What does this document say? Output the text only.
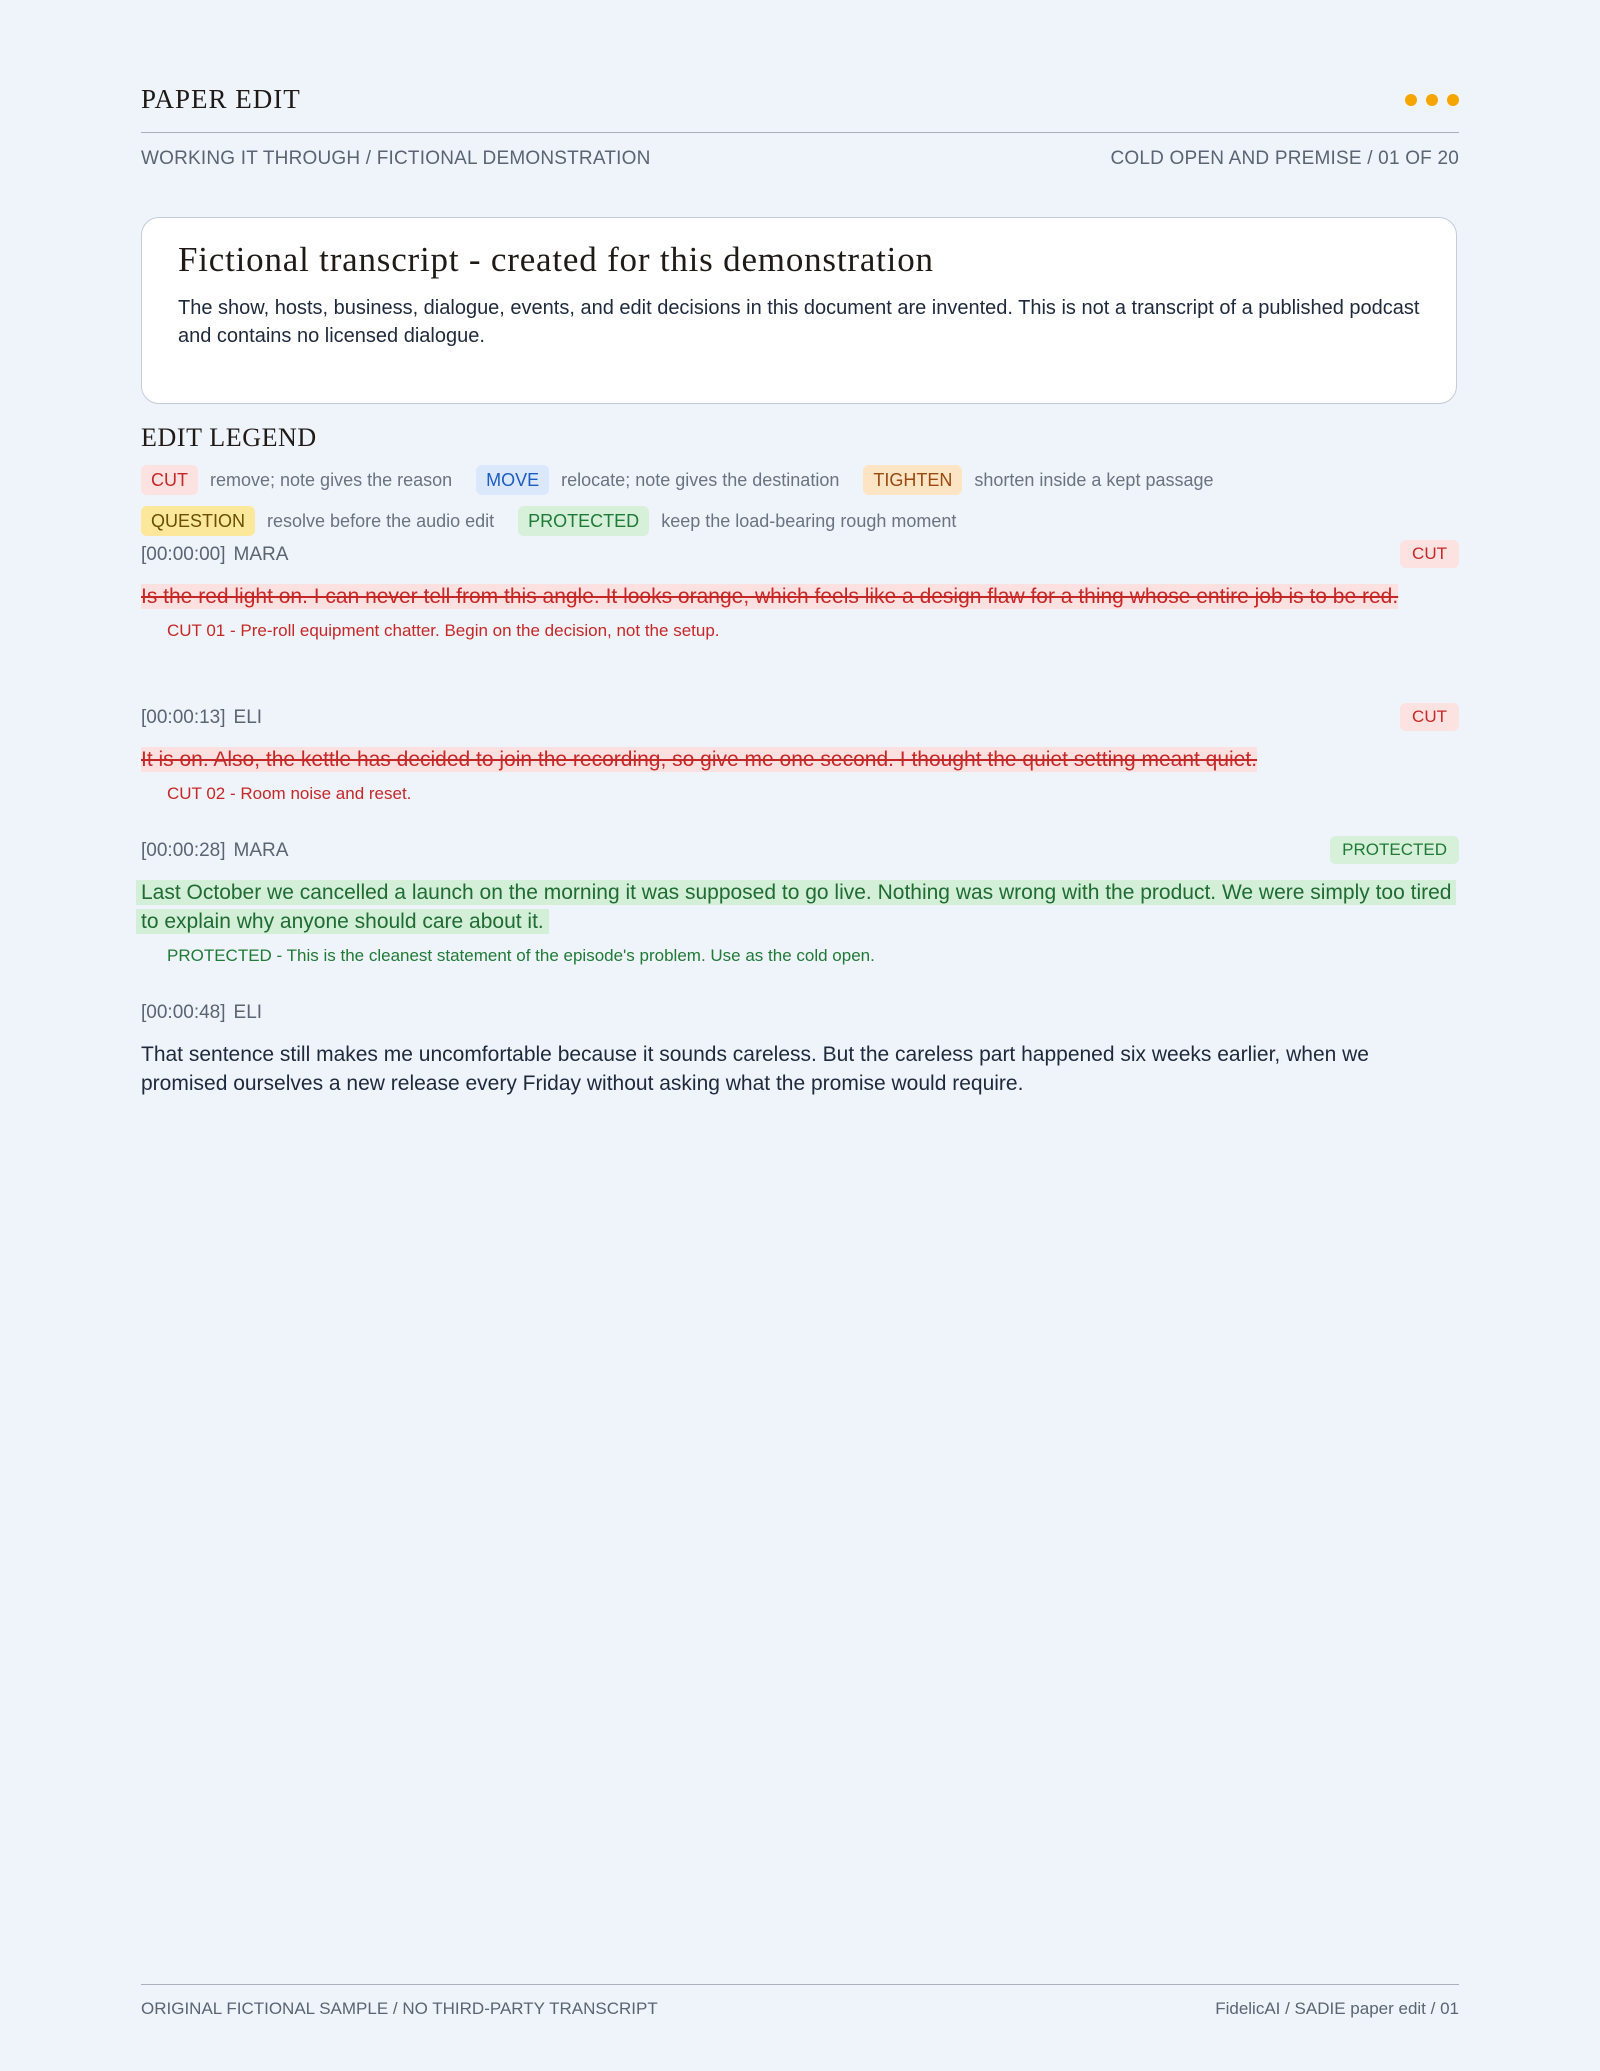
PAPER EDIT
WORKING IT THROUGH / FICTIONAL DEMONSTRATION	COLD OPEN AND PREMISE / 01 OF 20
Fictional transcript - created for this demonstration
The show, hosts, business, dialogue, events, and edit decisions in this document are invented. This is not a transcript of a published podcast and contains no licensed dialogue.
EDIT LEGEND
CUT	remove; note gives the reason	MOVE	relocate; note gives the destination	TIGHTEN	shorten inside a kept passage
QUESTION	resolve before the audio edit	PROTECTED	keep the load-bearing rough moment
[00:00:00] MARA	CUT
Is the red light on. I can never tell from this angle. It looks orange, which feels like a design flaw for a thing whose entire job is to be red.
CUT 01 - Pre-roll equipment chatter. Begin on the decision, not the setup.
[00:00:13] ELI	CUT
It is on. Also, the kettle has decided to join the recording, so give me one second. I thought the quiet setting meant quiet.
CUT 02 - Room noise and reset.
[00:00:28] MARA	PROTECTED
Last October we cancelled a launch on the morning it was supposed to go live. Nothing was wrong with the product. We were simply too tired to explain why anyone should care about it.
PROTECTED - This is the cleanest statement of the episode's problem. Use as the cold open.
[00:00:48] ELI
That sentence still makes me uncomfortable because it sounds careless. But the careless part happened six weeks earlier, when we promised ourselves a new release every Friday without asking what the promise would require.
ORIGINAL FICTIONAL SAMPLE / NO THIRD-PARTY TRANSCRIPT	FidelicAI / SADIE paper edit / 01
